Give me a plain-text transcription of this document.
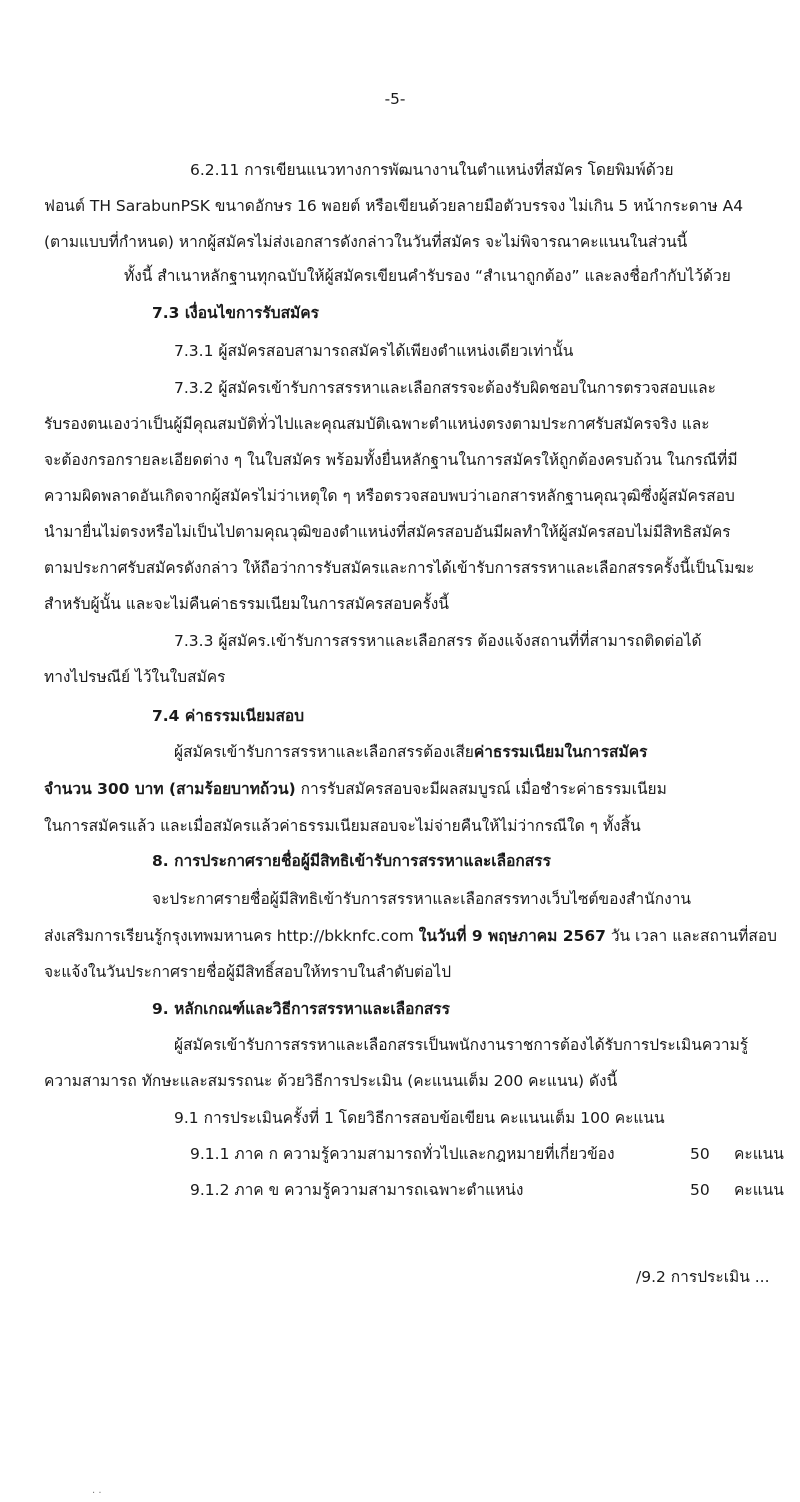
-5-
6.2.11 การเขียนแนวทางการพัฒนางานในตำแหน่งที่สมัคร โดยพิมพ์ด้วย
ฟอนต์ TH SarabunPSK ขนาดอักษร 16 พอยต์ หรือเขียนด้วยลายมือตัวบรรจง ไม่เกิน 5 หน้ากระดาษ A4
(ตามแบบที่กำหนด) หากผู้สมัครไม่ส่งเอกสารดังกล่าวในวันที่สมัคร จะไม่พิจารณาคะแนนในส่วนนี้
ทั้งนี้ สำเนาหลักฐานทุกฉบับให้ผู้สมัครเขียนคำรับรอง “สำเนาถูกต้อง” และลงชื่อกำกับไว้ด้วย
7.3 เงื่อนไขการรับสมัคร
7.3.1 ผู้สมัครสอบสามารถสมัครได้เพียงตำแหน่งเดียวเท่านั้น
7.3.2 ผู้สมัครเข้ารับการสรรหาและเลือกสรรจะต้องรับผิดชอบในการตรวจสอบและ
รับรองตนเองว่าเป็นผู้มีคุณสมบัติทั่วไปและคุณสมบัติเฉพาะตำแหน่งตรงตามประกาศรับสมัครจริง และ
จะต้องกรอกรายละเอียดต่าง ๆ ในใบสมัคร พร้อมทั้งยื่นหลักฐานในการสมัครให้ถูกต้องครบถ้วน ในกรณีที่มี
ความผิดพลาดอันเกิดจากผู้สมัครไม่ว่าเหตุใด ๆ หรือตรวจสอบพบว่าเอกสารหลักฐานคุณวุฒิซึ่งผู้สมัครสอบ
นำมายื่นไม่ตรงหรือไม่เป็นไปตามคุณวุฒิของตำแหน่งที่สมัครสอบอันมีผลทำให้ผู้สมัครสอบไม่มีสิทธิสมัคร
ตามประกาศรับสมัครดังกล่าว ให้ถือว่าการรับสมัครและการได้เข้ารับการสรรหาและเลือกสรรครั้งนี้เป็นโมฆะ
สำหรับผู้นั้น และจะไม่คืนค่าธรรมเนียมในการสมัครสอบครั้งนี้
7.3.3 ผู้สมัคร.เข้ารับการสรรหาและเลือกสรร ต้องแจ้งสถานที่ที่สามารถติดต่อได้
ทางไปรษณีย์ ไว้ในใบสมัคร
7.4 ค่าธรรมเนียมสอบ
ผู้สมัครเข้ารับการสรรหาและเลือกสรรต้องเสียค่าธรรมเนียมในการสมัคร
จำนวน 300 บาท (สามร้อยบาทถ้วน) การรับสมัครสอบจะมีผลสมบูรณ์ เมื่อชำระค่าธรรมเนียม
ในการสมัครแล้ว และเมื่อสมัครแล้วค่าธรรมเนียมสอบจะไม่จ่ายคืนให้ไม่ว่ากรณีใด ๆ ทั้งสิ้น
8. การประกาศรายชื่อผู้มีสิทธิเข้ารับการสรรหาและเลือกสรร
จะประกาศรายชื่อผู้มีสิทธิเข้ารับการสรรหาและเลือกสรรทางเว็บไซต์ของสำนักงาน
ส่งเสริมการเรียนรู้กรุงเทพมหานคร http://bkknfc.com ในวันที่ 9 พฤษภาคม 2567 วัน เวลา และสถานที่สอบ
จะแจ้งในวันประกาศรายชื่อผู้มีสิทธิ์สอบให้ทราบในลำดับต่อไป
9. หลักเกณฑ์และวิธีการสรรหาและเลือกสรร
ผู้สมัครเข้ารับการสรรหาและเลือกสรรเป็นพนักงานราชการต้องได้รับการประเมินความรู้
ความสามารถ ทักษะและสมรรถนะ ด้วยวิธีการประเมิน (คะแนนเต็ม 200 คะแนน) ดังนี้
9.1 การประเมินครั้งที่ 1 โดยวิธีการสอบข้อเขียน คะแนนเต็ม 100 คะแนน
9.1.1 ภาค ก ความรู้ความสามารถทั่วไปและกฎหมายที่เกี่ยวข้อง	50 คะแนน
9.1.2 ภาค ข ความรู้ความสามารถเฉพาะตำแหน่ง	50 คะแนน
/9.2 การประเมิน ...
· ·
